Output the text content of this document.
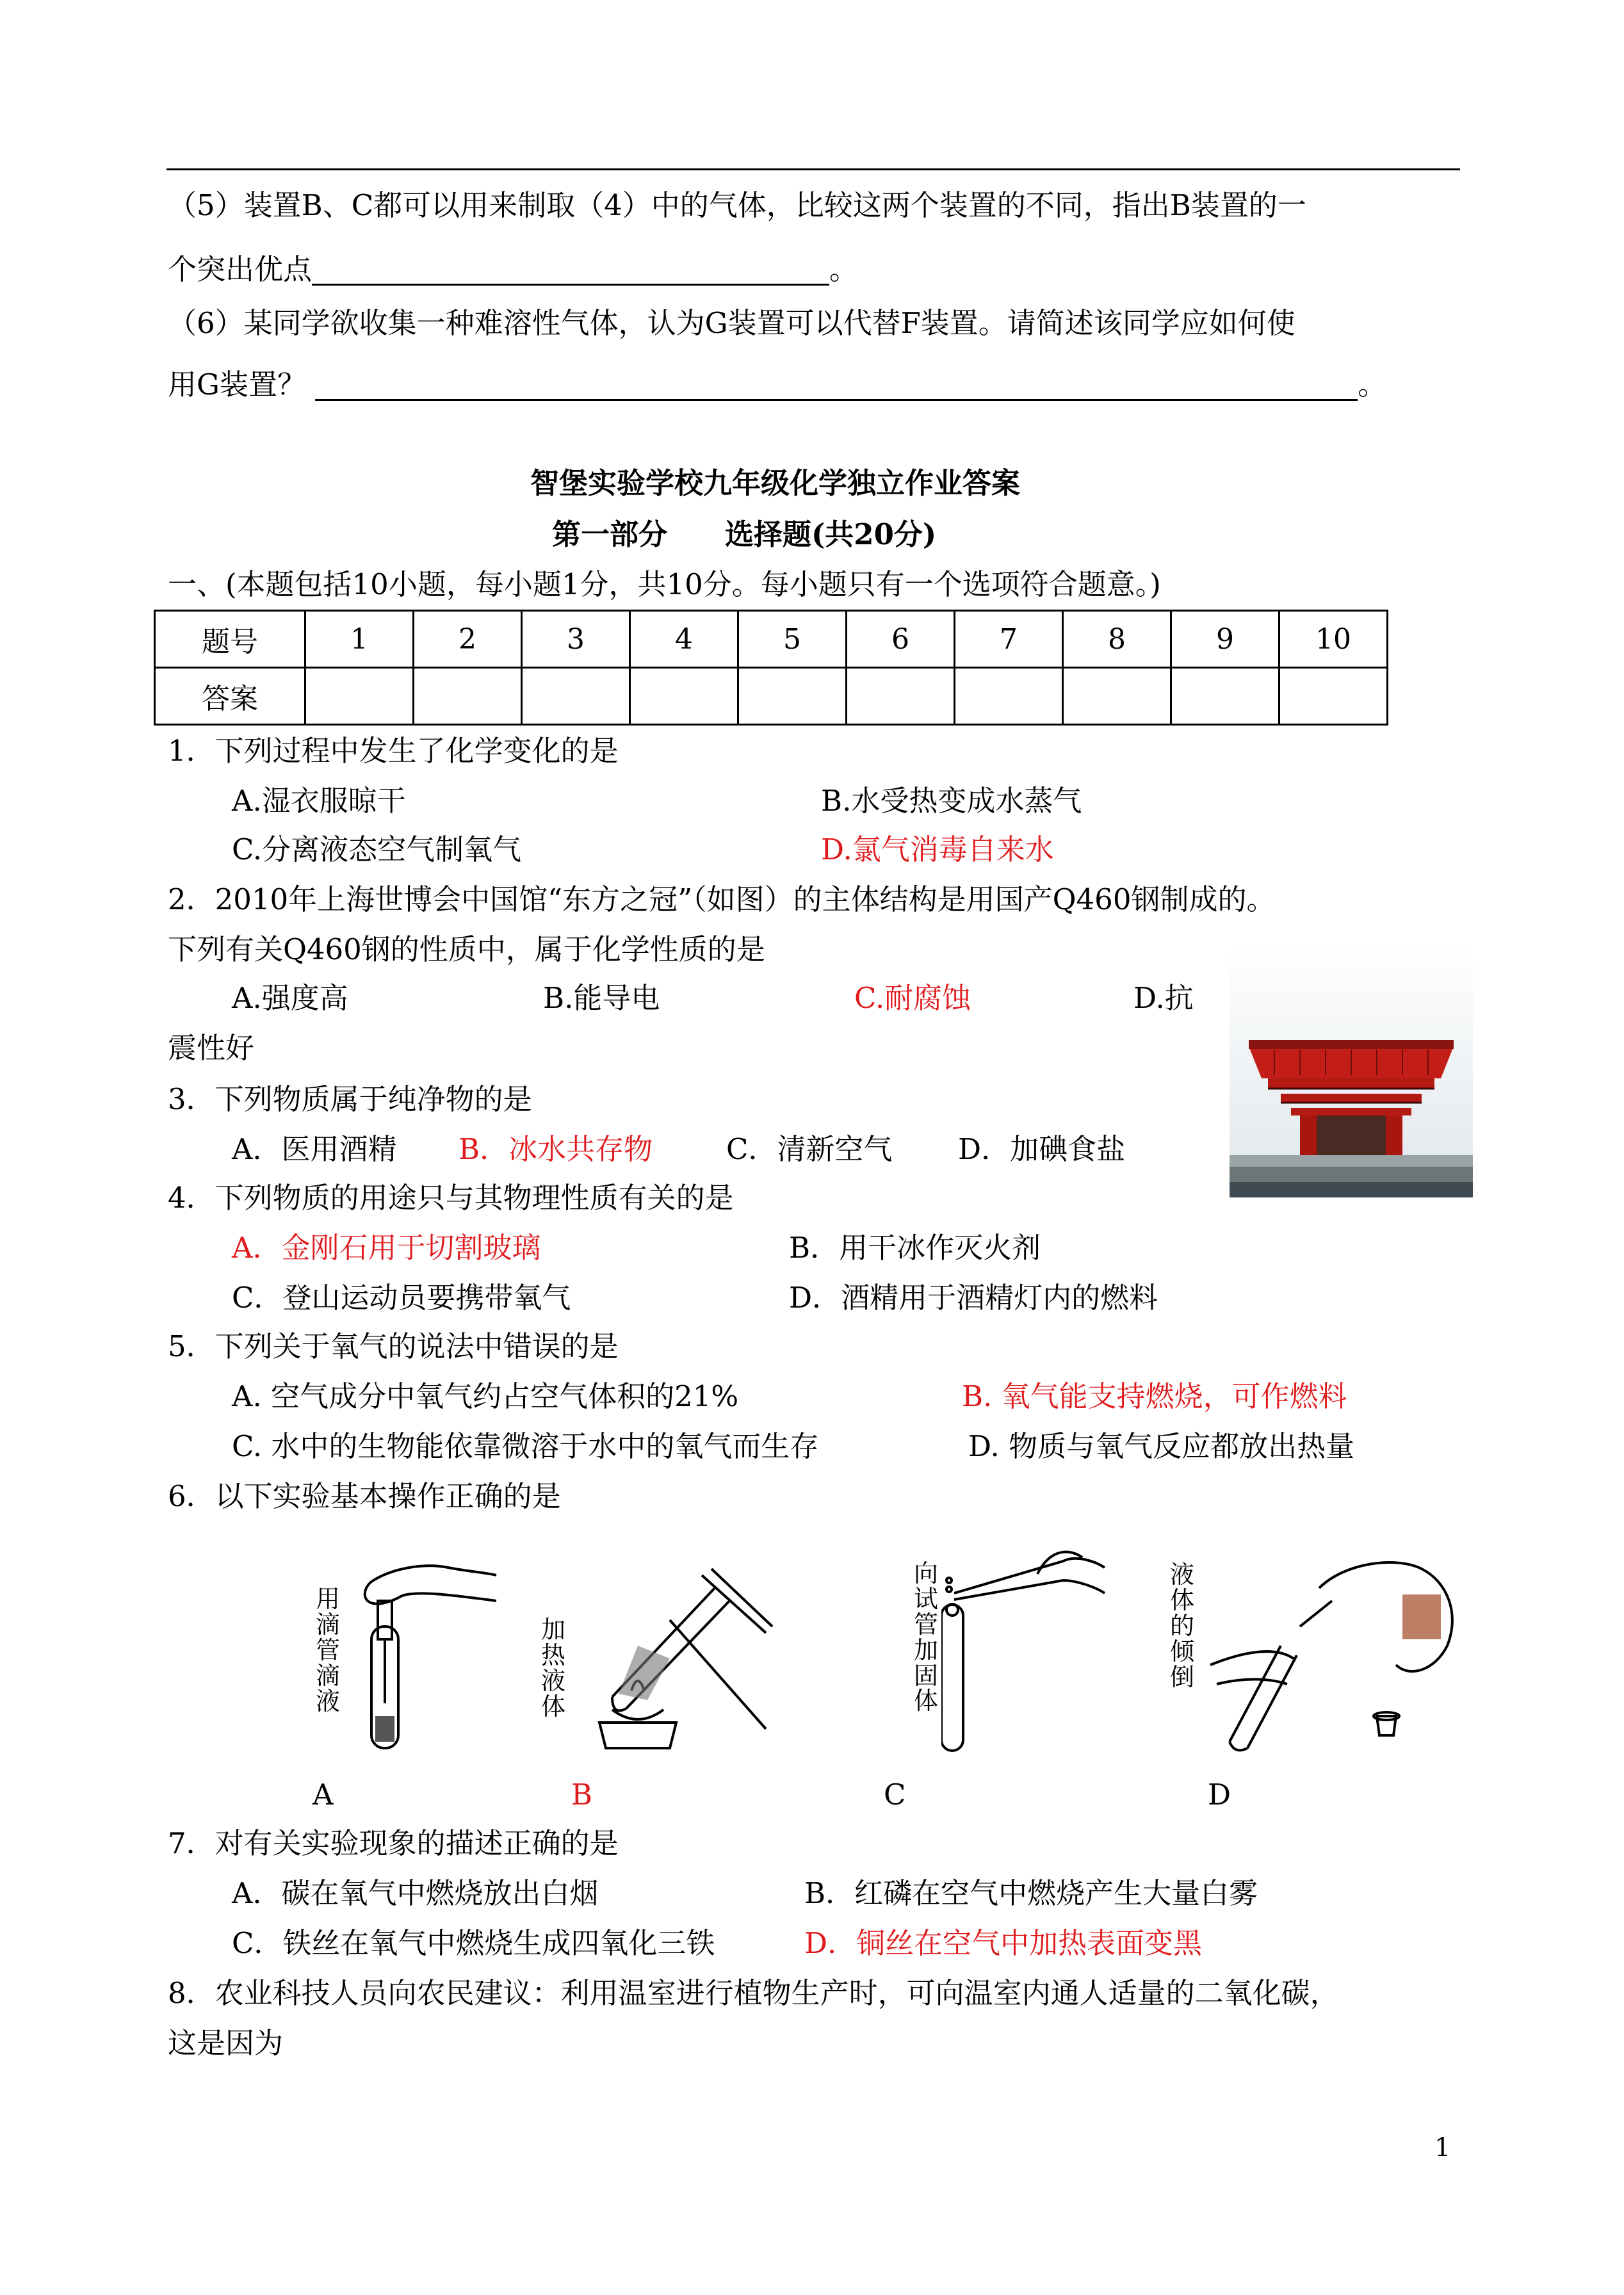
（5）装置B、C都可以用来制取（4）中的气体，比较这两个装置的不同，指出B装置的一
个突出优点	。
（6）某同学欲收集一种难溶性气体，认为G装置可以代替F装置。请简述该同学应如何使
用G装置？	。
智堡实验学校九年级化学独立作业答案
第一部分　　选择题(共20分)
一、(本题包括10小题，每小题1分，共10分。每小题只有一个选项符合题意。)
题号	1	2	3	4	5	6	7	8	9	10
答案										
1．下列过程中发生了化学变化的是
A.湿衣服晾干	B.水受热变成水蒸气
C.分离液态空气制氧气	D.氯气消毒自来水
2．2010年上海世博会中国馆“东方之冠”（如图）的主体结构是用国产Q460钢制成的。
下列有关Q460钢的性质中，属于化学性质的是
A.强度高	B.能导电	C.耐腐蚀	D.抗
震性好
3．下列物质属于纯净物的是
A．医用酒精 B．冰水共存物	C．清新空气 D．加碘食盐
4．下列物质的用途只与其物理性质有关的是
A．金刚石用于切割玻璃	B．用干冰作灭火剂
C．登山运动员要携带氧气	D．酒精用于酒精灯内的燃料
5．下列关于氧气的说法中错误的是
A. 空气成分中氧气约占空气体积的21%	B. 氧气能支持燃烧，可作燃料
C. 水中的生物能依靠微溶于水中的氧气而生存	D. 物质与氧气反应都放出热量
6．以下实验基本操作正确的是
用滴管滴液
加热液体
向试管加固体
液体的倾倒
A	B	C	D
7．对有关实验现象的描述正确的是
A．碳在氧气中燃烧放出白烟	B．红磷在空气中燃烧产生大量白雾
C．铁丝在氧气中燃烧生成四氧化三铁	D．铜丝在空气中加热表面变黑
8．农业科技人员向农民建议：利用温室进行植物生产时，可向温室内通人适量的二氧化碳，
这是因为
1
